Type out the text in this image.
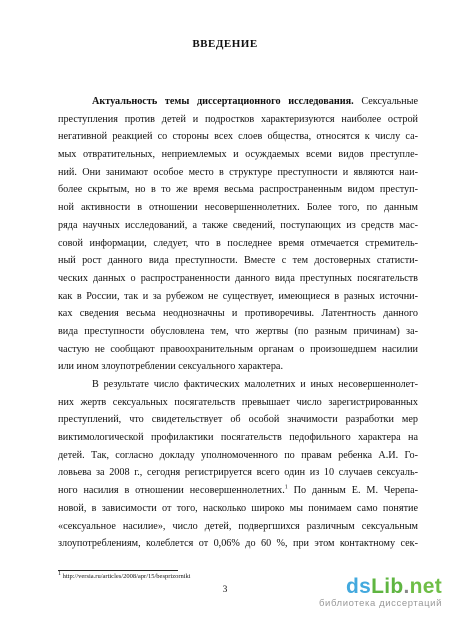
ВВЕДЕНИЕ
Актуальность темы диссертационного исследования. Сексуальные
преступления против детей и подростков характеризуются наиболее острой
негативной реакцией со стороны всех слоев общества, относятся к числу са-
мых отвратительных, неприемлемых и осуждаемых всеми видов преступле-
ний. Они занимают особое место в структуре преступности и являются наи-
более скрытым, но в то же время весьма распространенным видом преступ-
ной активности в отношении несовершеннолетних. Более того, по данным
ряда научных исследований, а также сведений, поступающих из средств мас-
совой информации, следует, что в последнее время отмечается стремитель-
ный рост данного вида преступности. Вместе с тем достоверных статисти-
ческих данных о распространенности данного вида преступных посягательств
как в России, так и за рубежом не существует, имеющиеся в разных источни-
ках сведения весьма неоднозначны и противоречивы. Латентность данного
вида преступности обусловлена тем, что жертвы (по разным причинам) за-
частую не сообщают правоохранительным органам о произошедшем насилии
или ином злоупотреблении сексуального характера.
В результате число фактических малолетних и иных несовершеннолет-
них жертв сексуальных посягательств превышает число зарегистрированных
преступлений, что свидетельствует об особой значимости разработки мер
виктимологической профилактики посягательств педофильного характера на
детей. Так, согласно докладу уполномоченного по правам ребенка А.И. Го-
ловьева за 2008 г., сегодня регистрируется всего один из 10 случаев сексуаль-
ного насилия в отношении несовершеннолетних.$^1$ По данным Е. М. Черепа-
новой, в зависимости от того, насколько широко мы понимаем само понятие
«сексуальное насилие», число детей, подвергшихся различным сексуальным
злоупотреблениям, колеблется от 0,06% до 60 %, при этом контактному сек-
$^1$ http://versia.ru/articles/2008/apr/15/besprizorniki
3	dsLib.net
библиотека диссертаций
